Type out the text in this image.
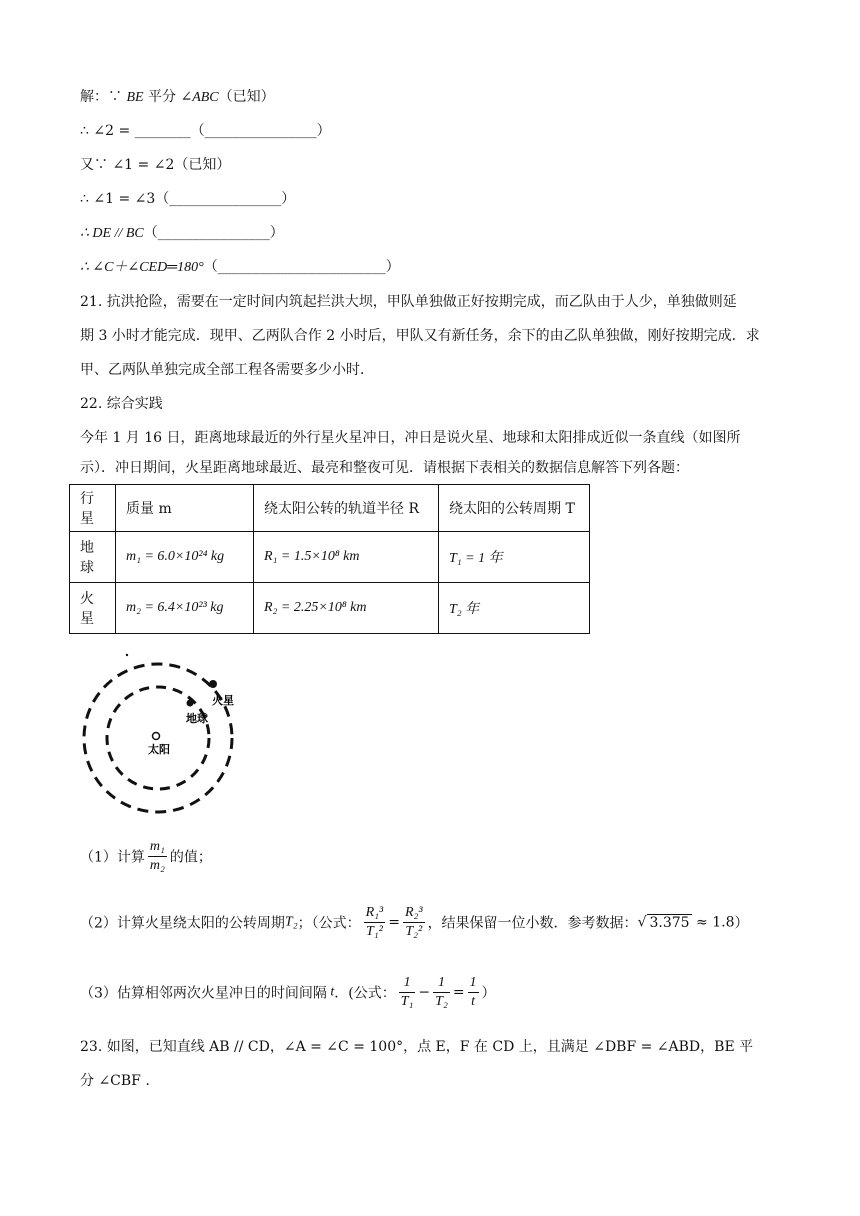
解：∵ BE 平分 ∠ABC（已知）
∴ ∠2 = ________（________________）
又∵ ∠1 = ∠2（已知）
∴ ∠1 = ∠3（________________）
∴ DE // BC（________________）
∴ ∠C＋∠CED═180°（________________________）
21. 抗洪抢险，需要在一定时间内筑起拦洪大坝，甲队单独做正好按期完成，而乙队由于人少，单独做则延
期 3 小时才能完成．现甲、乙两队合作 2 小时后，甲队又有新任务，余下的由乙队单独做，刚好按期完成．求
甲、乙两队单独完成全部工程各需要多少小时．
22. 综合实践
今年 1 月 16 日，距离地球最近的外行星火星冲日，冲日是说火星、地球和太阳排成近似一条直线（如图所
示）．冲日期间，火星距离地球最近、最亮和整夜可见．请根据下表相关的数据信息解答下列各题：
行星	质量 m	绕太阳公转的轨道半径 R	绕太阳的公转周期 T
地球	m₁ = 6.0×10²⁴ kg	R₁ = 1.5×10⁸ km	T₁ = 1 年
火星	m₂ = 6.4×10²³ kg	R₂ = 2.25×10⁸ km	T₂ 年
火星
地球
太阳
（1）计算 $\frac{\text{m₁}}{\text{m₂}}$ 的值；
（2）计算火星绕太阳的公转周期T₂；（公式： $\frac{\text{R₁³}}{\text{T₁²}} = \frac{\text{R₂³}}{\text{T₂²}}$ ，结果保留一位小数．参考数据：√ 3.375 ≈ 1.8）
（3）估算相邻两次火星冲日的时间间隔 t．(公式： $\frac{1}{\text{T₁}} - \frac{1}{\text{T₂}} = \frac{1}{t}$ ）
23. 如图，已知直线 AB // CD，∠A = ∠C = 100°，点 E，F 在 CD 上，且满足 ∠DBF = ∠ABD，BE 平
分 ∠CBF .
